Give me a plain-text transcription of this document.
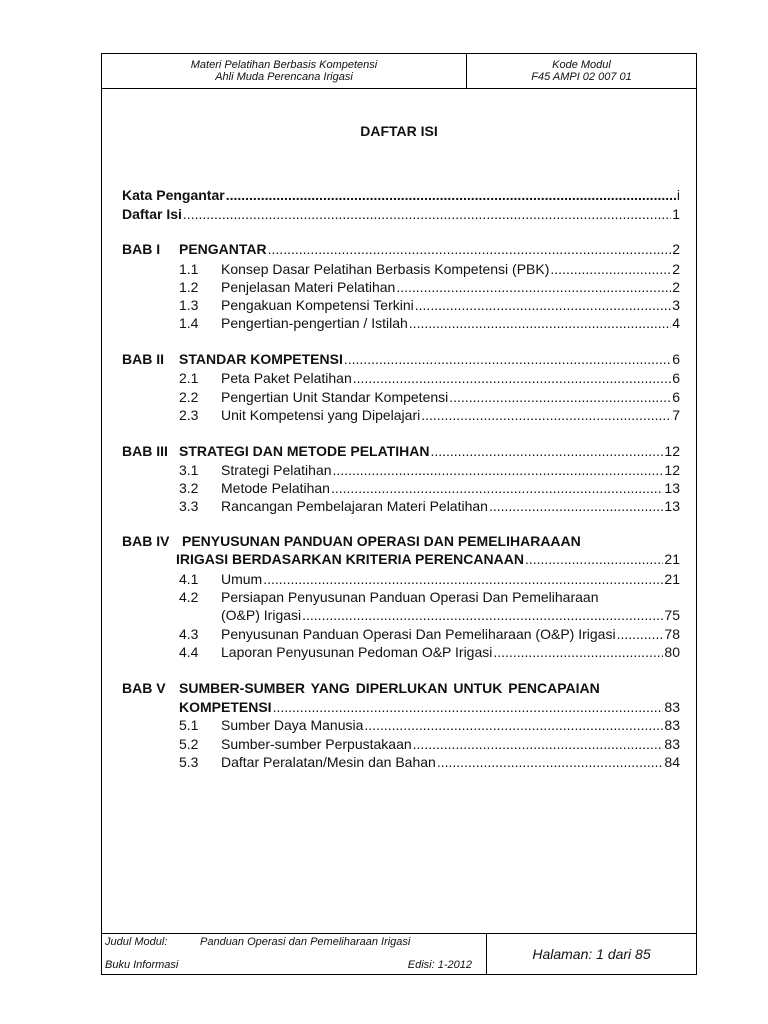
Materi Pelatihan Berbasis Kompetensi
Ahli Muda Perencana Irigasi
Kode Modul
F45 AMPI 02 007 01
DAFTAR ISI
Kata Pengantar .....	i
Daftar Isi .....	1
BAB I PENGANTAR .....	2
1.1 Konsep Dasar Pelatihan Berbasis Kompetensi (PBK) .....	2
1.2 Penjelasan Materi Pelatihan .....	2
1.3 Pengakuan Kompetensi Terkini .....	3
1.4 Pengertian-pengertian / Istilah .....	4
BAB II STANDAR KOMPETENSI .....	6
2.1 Peta Paket Pelatihan .....	6
2.2 Pengertian Unit Standar Kompetensi .....	6
2.3 Unit Kompetensi yang Dipelajari .....	7
BAB III STRATEGI DAN METODE PELATIHAN .....	12
3.1 Strategi Pelatihan .....	12
3.2 Metode Pelatihan .....	13
3.3 Rancangan Pembelajaran Materi Pelatihan .....	13
BAB IV PENYUSUNAN PANDUAN OPERASI DAN PEMELIHARAAAN
IRIGASI BERDASARKAN KRITERIA PERENCANAAN .....	21
4.1 Umum .....	21
4.2 Persiapan Penyusunan Panduan Operasi Dan Pemeliharaan
(O&P) Irigasi .....	75
4.3 Penyusunan Panduan Operasi Dan Pemeliharaan (O&P) Irigasi .....	78
4.4 Laporan Penyusunan Pedoman O&P Irigasi .....	80
BAB V SUMBER-SUMBER YANG DIPERLUKAN UNTUK PENCAPAIAN
KOMPETENSI .....	83
5.1 Sumber Daya Manusia .....	83
5.2 Sumber-sumber Perpustakaan .....	83
5.3 Daftar Peralatan/Mesin dan Bahan .....	84
Judul Modul:	Panduan Operasi dan Pemeliharaan Irigasi
Buku Informasi	Edisi: 1-2012
Halaman: 1 dari 85
